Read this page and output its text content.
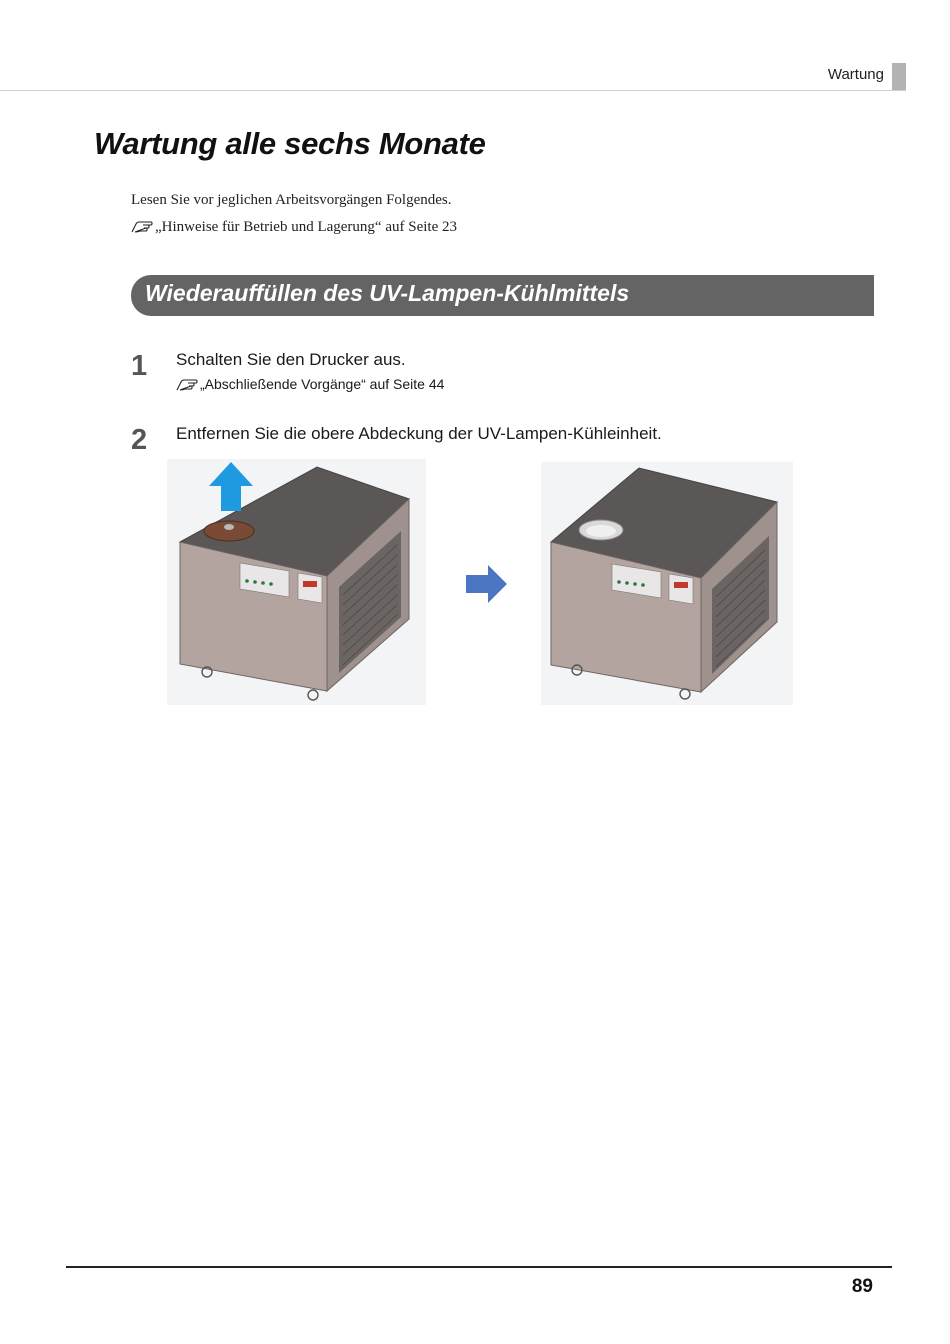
Wartung
Wartung alle sechs Monate

Lesen Sie vor jeglichen Arbeitsvorgängen Folgendes.

„Hinweise für Betrieb und Lagerung“ auf Seite 23

Wiederauffüllen des UV-Lampen-Kühlmittels
1 Schalten Sie den Drucker aus.
„Abschließende Vorgänge“ auf Seite 44
2 Entfernen Sie die obere Abdeckung der UV-Lampen-Kühleinheit.
89
